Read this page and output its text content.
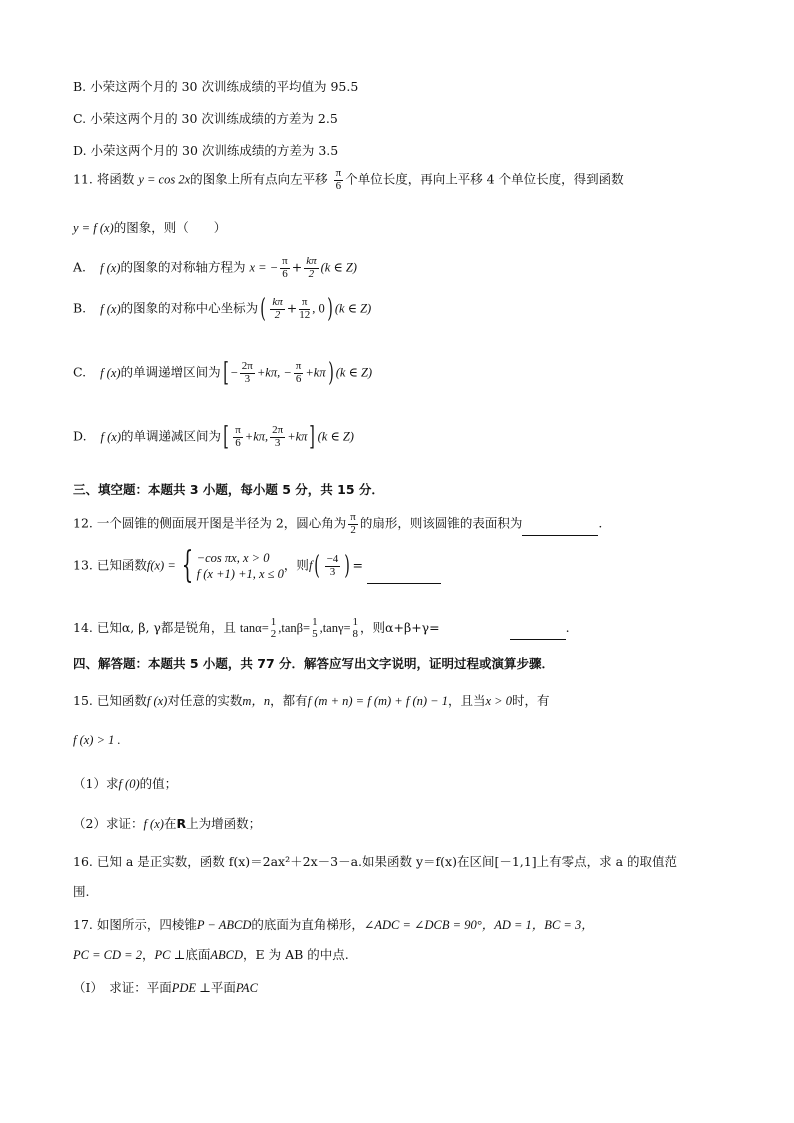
B. 小荣这两个月的 30 次训练成绩的平均值为 95.5
C. 小荣这两个月的 30 次训练成绩的方差为 2.5
D. 小荣这两个月的 30 次训练成绩的方差为 3.5
11. 将函数 y = cos 2x的图象上所有点向左平移 $\frac{\pi}{6}$ 个单位长度，再向上平移 4 个单位长度，得到函数
y = f (x)的图象，则（　　）
A. f (x)的图象的对称轴方程为 x = − $\frac{\pi}{6} + \frac{k\pi}{2} (k$ ∈ Z)
B. f (x)的图象的对称中心坐标为( $\frac{k\pi}{2} + \frac{\pi}{12}$ , 0) (k ∈ Z)
C. f (x)的单调递增区间为[ − $\frac{2\pi}{3} +k\pi$, − $\frac{\pi}{6} +k\pi$) (k ∈ Z)
D. f (x)的单调递减区间为[ $\frac{\pi}{6} +k\pi$, $\frac{2\pi}{3} +k\pi$] (k ∈ Z)
三、填空题：本题共 3 小题，每小题 5 分，共 15 分．
12. 一个圆锥的侧面展开图是半径为 2，圆心角为 $\frac{\pi}{2}$ 的扇形，则该圆锥的表面积为	.
13. 已知函数f(x) = { −cos πx, x > 0
f (x +1) +1, x ≤ 0
，则$f( \frac{-4}{3}$ ) =
14. 已知α, β, γ都是锐角，且 tanα= 1
2 ,tanβ= 1
5 ,tanγ= 1
8 ，则α+β+γ=	.
四、解答题：本题共 5 小题，共 77 分．解答应写出文字说明，证明过程或演算步骤．
15. 已知函数f (x)对任意的实数m，n，都有f (m + n) = f (m) + f (n) − 1，且当x > 0时，有
f (x) > 1 .
（1）求f (0)的值；
（2）求证：f (x)在R上为增函数；
16. 已知 a 是正实数，函数 f(x)＝2ax²＋2x－3－a.如果函数 y＝f(x)在区间[－1,1]上有零点，求 a 的取值范
围.
17. 如图所示，四棱锥P − ABCD的底面为直角梯形，∠ADC = ∠DCB = 90°，AD = 1，BC = 3，
PC = CD = 2，PC ⊥底面ABCD，E 为 AB 的中点.
（I）　求证：平面PDE ⊥平面PAC
